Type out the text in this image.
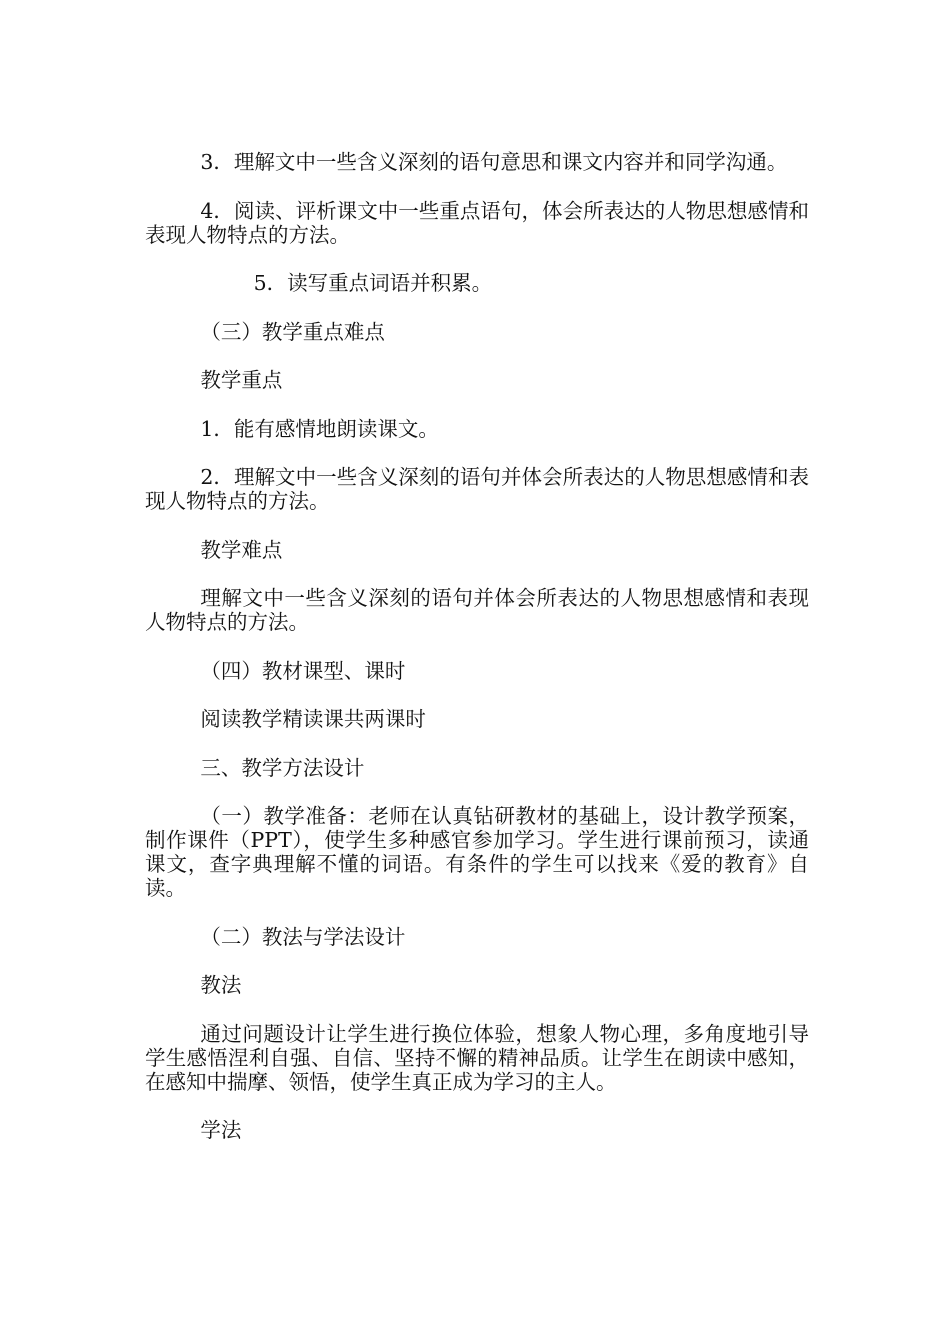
3．理解文中一些含义深刻的语句意思和课文内容并和同学沟通。

4．阅读、评析课文中一些重点语句，体会所表达的人物思想感情和表现人物特点的方法。

5．读写重点词语并积累。

（三）教学重点难点

教学重点

1．能有感情地朗读课文。

2．理解文中一些含义深刻的语句并体会所表达的人物思想感情和表现人物特点的方法。

教学难点

理解文中一些含义深刻的语句并体会所表达的人物思想感情和表现人物特点的方法。

（四）教材课型、课时

阅读教学精读课共两课时

三、教学方法设计

（一）教学准备：老师在认真钻研教材的基础上，设计教学预案，制作课件（PPT），使学生多种感官参加学习。学生进行课前预习，读通课文，查字典理解不懂的词语。有条件的学生可以找来《爱的教育》自读。

（二）教法与学法设计

教法

通过问题设计让学生进行换位体验，想象人物心理，多角度地引导学生感悟涅利自强、自信、坚持不懈的精神品质。让学生在朗读中感知，在感知中揣摩、领悟，使学生真正成为学习的主人。

学法
